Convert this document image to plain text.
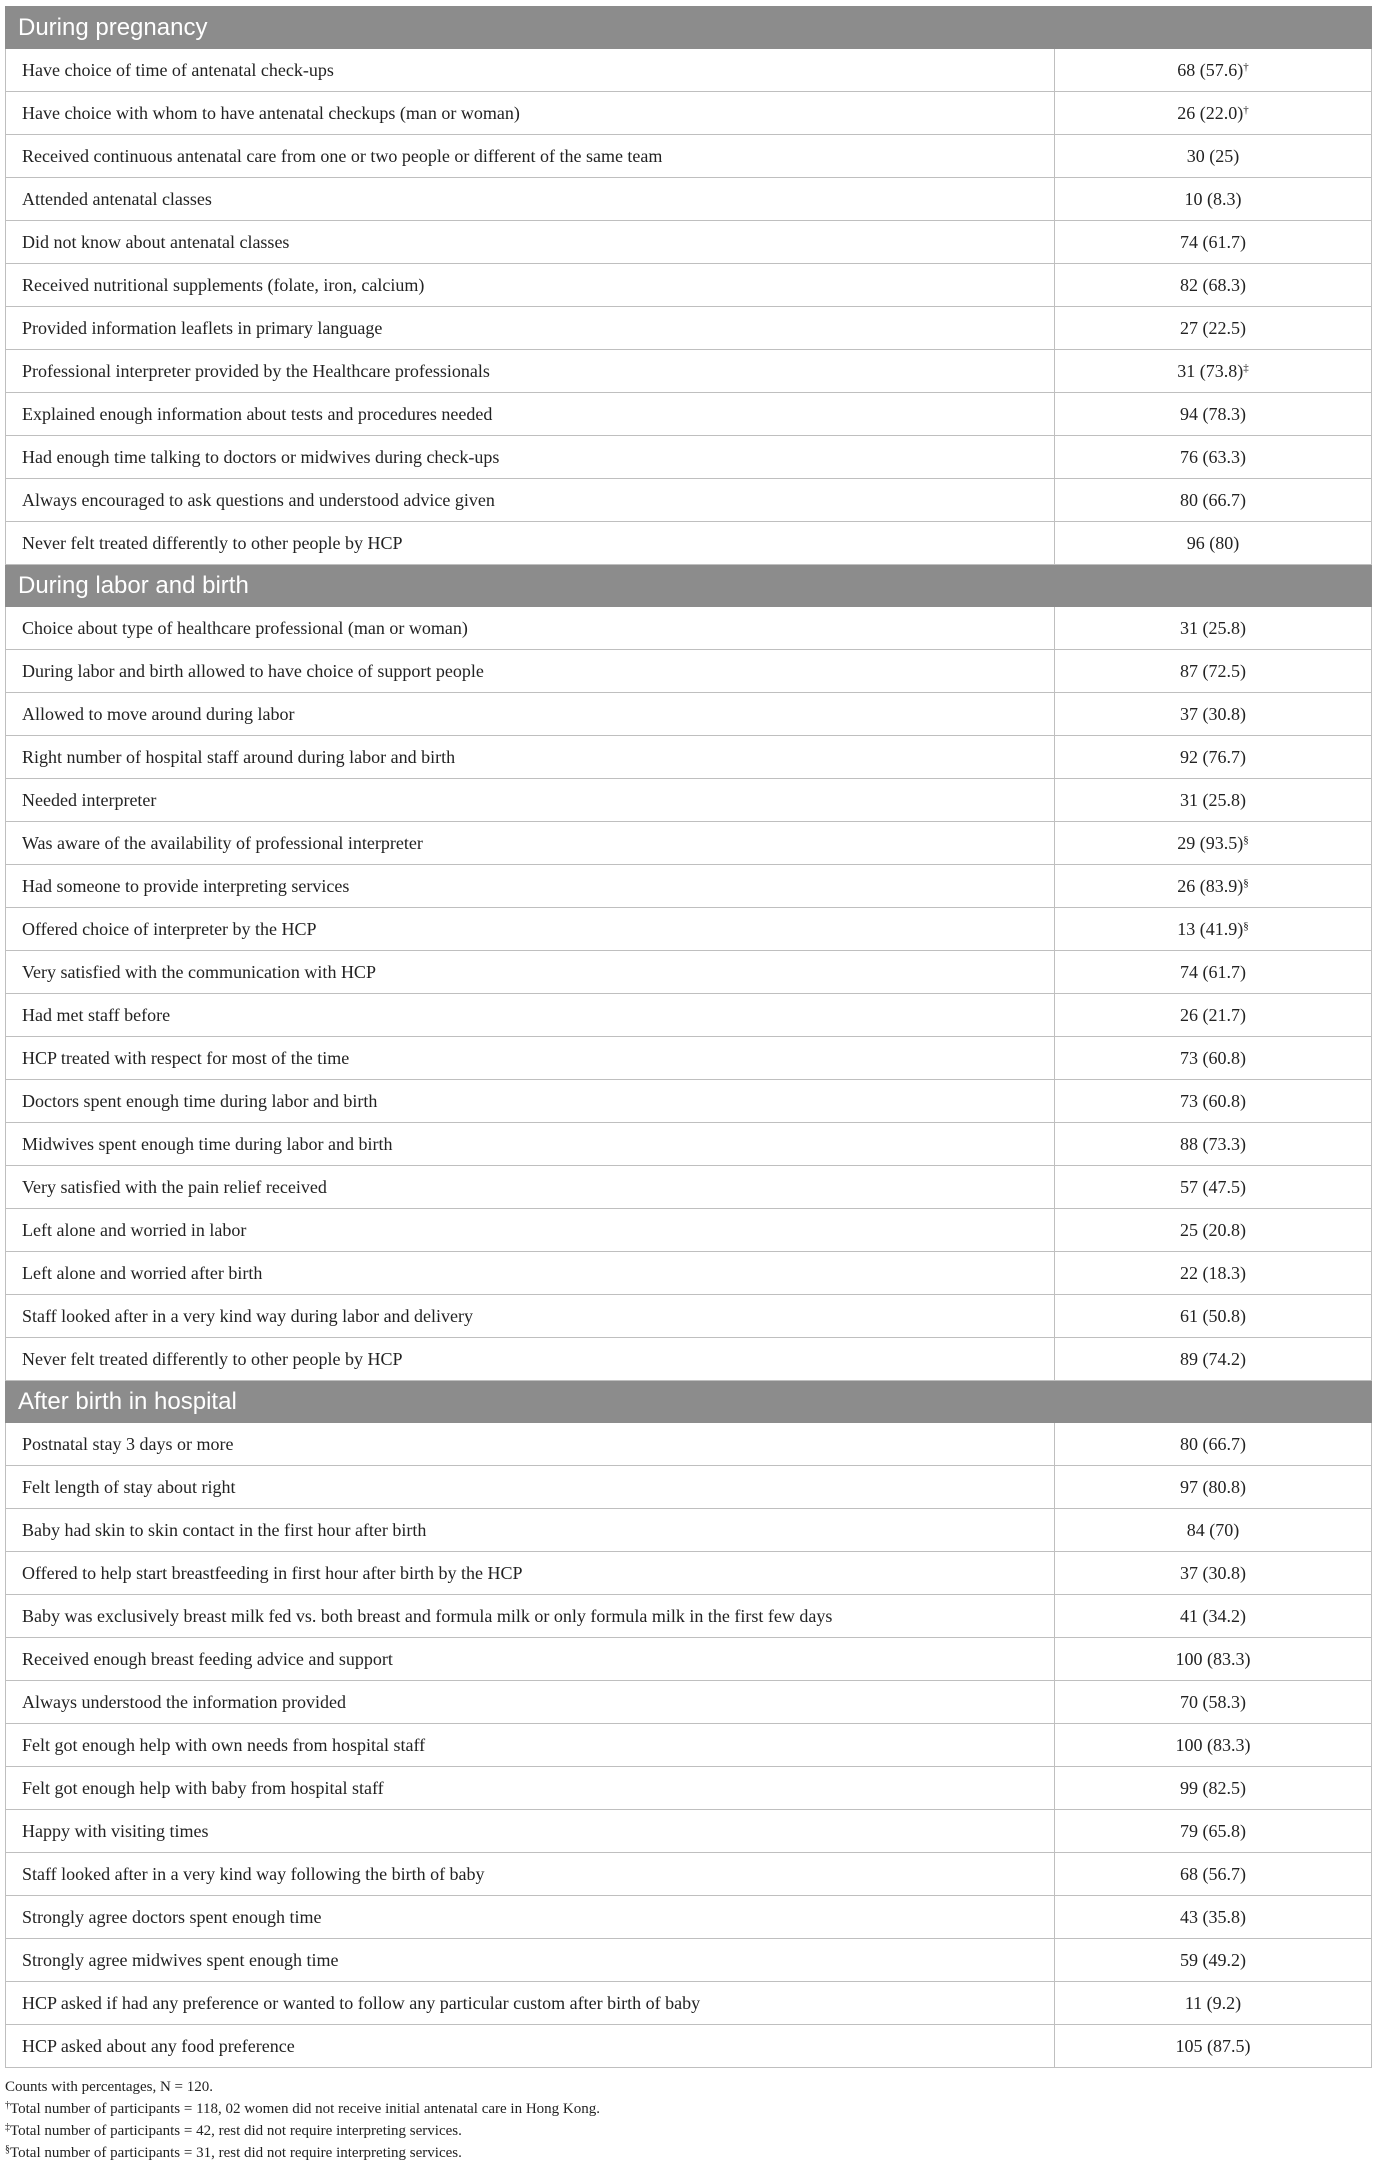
During pregnancy	
Have choice of time of antenatal check-ups	68 (57.6)†
Have choice with whom to have antenatal checkups (man or woman)	26 (22.0)†
Received continuous antenatal care from one or two people or different of the same team	30 (25)
Attended antenatal classes	10 (8.3)
Did not know about antenatal classes	74 (61.7)
Received nutritional supplements (folate, iron, calcium)	82 (68.3)
Provided information leaflets in primary language	27 (22.5)
Professional interpreter provided by the Healthcare professionals	31 (73.8)‡
Explained enough information about tests and procedures needed	94 (78.3)
Had enough time talking to doctors or midwives during check-ups	76 (63.3)
Always encouraged to ask questions and understood advice given	80 (66.7)
Never felt treated differently to other people by HCP	96 (80)
During labor and birth	
Choice about type of healthcare professional (man or woman)	31 (25.8)
During labor and birth allowed to have choice of support people	87 (72.5)
Allowed to move around during labor	37 (30.8)
Right number of hospital staff around during labor and birth	92 (76.7)
Needed interpreter	31 (25.8)
Was aware of the availability of professional interpreter	29 (93.5)§
Had someone to provide interpreting services	26 (83.9)§
Offered choice of interpreter by the HCP	13 (41.9)§
Very satisfied with the communication with HCP	74 (61.7)
Had met staff before	26 (21.7)
HCP treated with respect for most of the time	73 (60.8)
Doctors spent enough time during labor and birth	73 (60.8)
Midwives spent enough time during labor and birth	88 (73.3)
Very satisfied with the pain relief received	57 (47.5)
Left alone and worried in labor	25 (20.8)
Left alone and worried after birth	22 (18.3)
Staff looked after in a very kind way during labor and delivery	61 (50.8)
Never felt treated differently to other people by HCP	89 (74.2)
After birth in hospital	
Postnatal stay 3 days or more	80 (66.7)
Felt length of stay about right	97 (80.8)
Baby had skin to skin contact in the first hour after birth	84 (70)
Offered to help start breastfeeding in first hour after birth by the HCP	37 (30.8)
Baby was exclusively breast milk fed vs. both breast and formula milk or only formula milk in the first few days	41 (34.2)
Received enough breast feeding advice and support	100 (83.3)
Always understood the information provided	70 (58.3)
Felt got enough help with own needs from hospital staff	100 (83.3)
Felt got enough help with baby from hospital staff	99 (82.5)
Happy with visiting times	79 (65.8)
Staff looked after in a very kind way following the birth of baby	68 (56.7)
Strongly agree doctors spent enough time	43 (35.8)
Strongly agree midwives spent enough time	59 (49.2)
HCP asked if had any preference or wanted to follow any particular custom after birth of baby	11 (9.2)
HCP asked about any food preference	105 (87.5)
Counts with percentages, N = 120.
†Total number of participants = 118, 02 women did not receive initial antenatal care in Hong Kong.
‡Total number of participants = 42, rest did not require interpreting services.
§Total number of participants = 31, rest did not require interpreting services.
